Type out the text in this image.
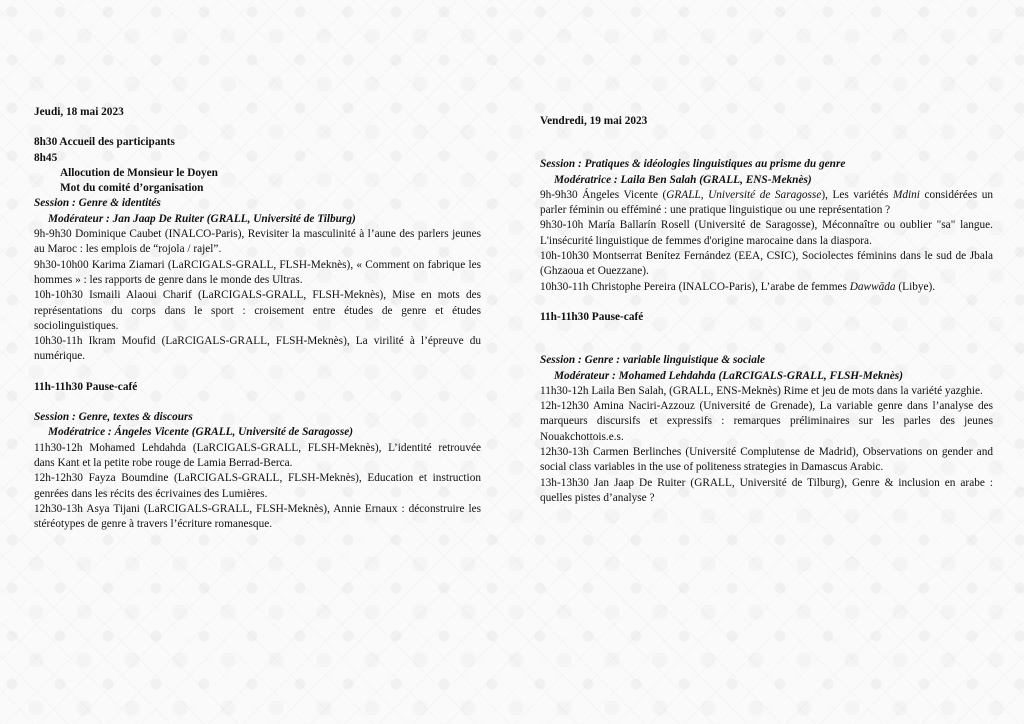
Jeudi, 18 mai 2023

8h30 Accueil des participants

8h45

Allocution de Monsieur le Doyen

Mot du comité d’organisation

Session : Genre & identités

Modérateur : Jan Jaap De Ruiter (GRALL, Université de Tilburg)

9h-9h30 Dominique Caubet (INALCO-Paris), Revisiter la masculinité à l’aune des parlers jeunes au Maroc : les emplois de “rojola / rajel”.

9h30-10h00 Karima Ziamari (LaRCIGALS-GRALL, FLSH-Meknès), « Comment on fabrique les hommes » : les rapports de genre dans le monde des Ultras.

10h-10h30 Ismaili Alaoui Charif (LaRCIGALS-GRALL, FLSH-Meknès), Mise en mots des représentations du corps dans le sport : croisement entre études de genre et études sociolinguistiques.

10h30-11h Ikram Moufid (LaRCIGALS-GRALL, FLSH-Meknès), La virilité à l’épreuve du numérique.

11h-11h30 Pause-café

Session : Genre, textes & discours

Modératrice : Ángeles Vicente (GRALL, Université de Saragosse)

11h30-12h Mohamed Lehdahda (LaRCIGALS-GRALL, FLSH-Meknès), L’identité retrouvée dans Kant et la petite robe rouge de Lamia Berrad-Berca.

12h-12h30 Fayza Boumdine (LaRCIGALS-GRALL, FLSH-Meknès), Education et instruction genrées dans les récits des écrivaines des Lumières.

12h30-13h Asya Tijani (LaRCIGALS-GRALL, FLSH-Meknès), Annie Ernaux : déconstruire les stéréotypes de genre à travers l’écriture romanesque.

Vendredi, 19 mai 2023

Session : Pratiques & idéologies linguistiques au prisme du genre

Modératrice : Laila Ben Salah (GRALL, ENS-Meknès)

9h-9h30 Ángeles Vicente (GRALL, Université de Saragosse), Les variétés Mdini considérées un parler féminin ou efféminé : une pratique linguistique ou une représentation ?

9h30-10h María Ballarín Rosell (Université de Saragosse), Méconnaître ou oublier "sa" langue. L'insécurité linguistique de femmes d'origine marocaine dans la diaspora.

10h-10h30 Montserrat Benítez Fernández (EEA, CSIC), Sociolectes féminins dans le sud de Jbala (Ghzaoua et Ouezzane).

10h30-11h Christophe Pereira (INALCO-Paris), L’arabe de femmes Dawwāda (Libye).

11h-11h30 Pause-café

Session : Genre : variable linguistique & sociale

Modérateur : Mohamed Lehdahda (LaRCIGALS-GRALL, FLSH-Meknès)

11h30-12h Laila Ben Salah, (GRALL, ENS-Meknès) Rime et jeu de mots dans la variété yazghie.

12h-12h30 Amina Naciri-Azzouz (Université de Grenade), La variable genre dans l’analyse des marqueurs discursifs et expressifs : remarques préliminaires sur les parles des jeunes Nouakchottois.e.s.

12h30-13h Carmen Berlinches (Université Complutense de Madrid), Observations on gender and social class variables in the use of politeness strategies in Damascus Arabic.

13h-13h30 Jan Jaap De Ruiter (GRALL, Université de Tilburg), Genre & inclusion en arabe : quelles pistes d’analyse ?
